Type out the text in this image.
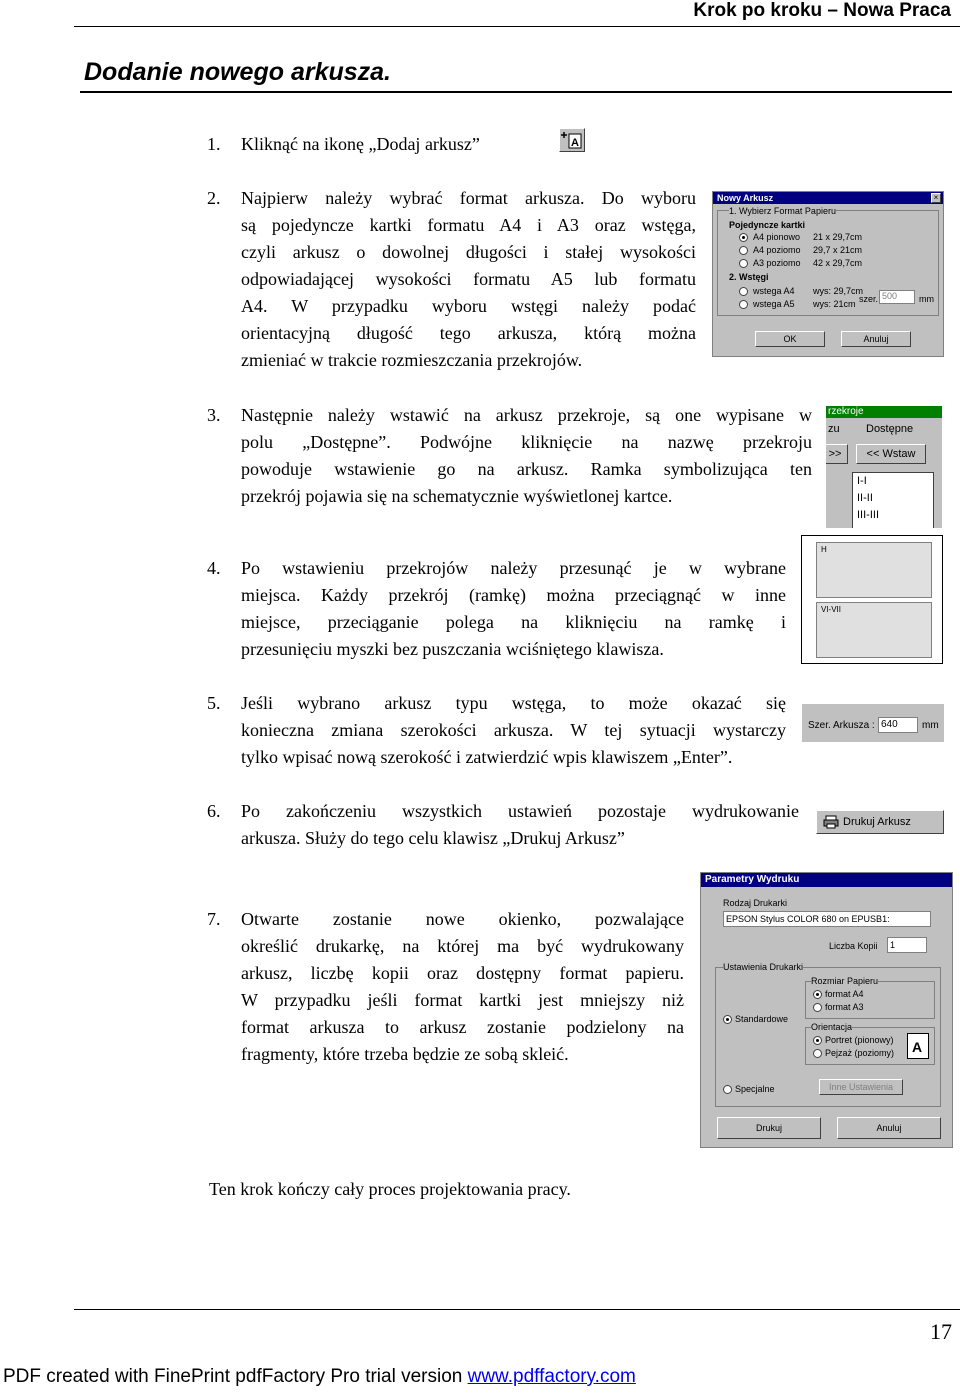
Krok po kroku – Nowa Praca
Dodanie nowego arkusza.
1. Kliknąć na ikonę „Dodaj arkusz”	A
2. Najpierw należy wybrać format arkusza. Do wyboru
są pojedyncze kartki formatu A4 i A3 oraz wstęga,
czyli arkusz o dowolnej długości i stałej wysokości
odpowiadającej wysokości formatu A5 lub formatu
A4. W przypadku wyboru wstęgi należy podać
orientacyjną długość tego arkusza, którą można
zmieniać w trakcie rozmieszczania przekrojów.
Nowy Arkusz	×
1. Wybierz Format Papieru
Pojedyncze kartki
A4 pionowo 21 x 29,7cm
A4 poziomo 29,7 x 21cm
A3 poziomo 42 x 29,7cm
2. Wstęgi
wstega A4 wys: 29,7cm
wstega A5 wys: 21cm szer. 500	mm
OK	Anuluj
3. Następnie należy wstawić na arkusz przekroje, są one wypisane w
polu „Dostępne”. Podwójne kliknięcie na nazwę przekroju
powoduje wstawienie go na arkusz. Ramka symbolizująca ten
przekrój pojawia się na schematycznie wyświetlonej kartce.
rzekroje
zu Dostępne
>>	<< Wstaw
I-I
II-II
III-III
4. Po wstawieniu przekrojów należy przesunąć je w wybrane
miejsca. Każdy przekrój (ramkę) można przeciągnąć w inne
miejsce, przeciąganie polega na kliknięciu na ramkę i
przesunięciu myszki bez puszczania wciśniętego klawisza.
H
VI-VII
5. Jeśli wybrano arkusz typu wstęga, to może okazać się
konieczna zmiana szerokości arkusza. W tej sytuacji wystarczy
tylko wpisać nową szerokość i zatwierdzić wpis klawiszem „Enter”.
Szer. Arkusza : 640	mm
6. Po zakończeniu wszystkich ustawień pozostaje wydrukowanie
arkusza. Służy do tego celu klawisz „Drukuj Arkusz”
Drukuj Arkusz
Parametry Wydruku
Rodzaj Drukarki
EPSON Stylus COLOR 680 on EPUSB1:
Liczba Kopii	1
Ustawienia Drukarki
Rozmiar Papieru
format A4
format A3
Standardowe
Orientacja
Portret (pionowy)
Pejzaż (poziomy) A
Specjalne	Inne Ustawienia
Drukuj	Anuluj
7. Otwarte zostanie nowe okienko, pozwalające
określić drukarkę, na której ma być wydrukowany
arkusz, liczbę kopii oraz dostępny format papieru.
W przypadku jeśli format kartki jest mniejszy niż
format arkusza to arkusz zostanie podzielony na
fragmenty, które trzeba będzie ze sobą skleić.
Ten krok kończy cały proces projektowania pracy.
17
PDF created with FinePrint pdfFactory Pro trial version www.pdffactory.com
